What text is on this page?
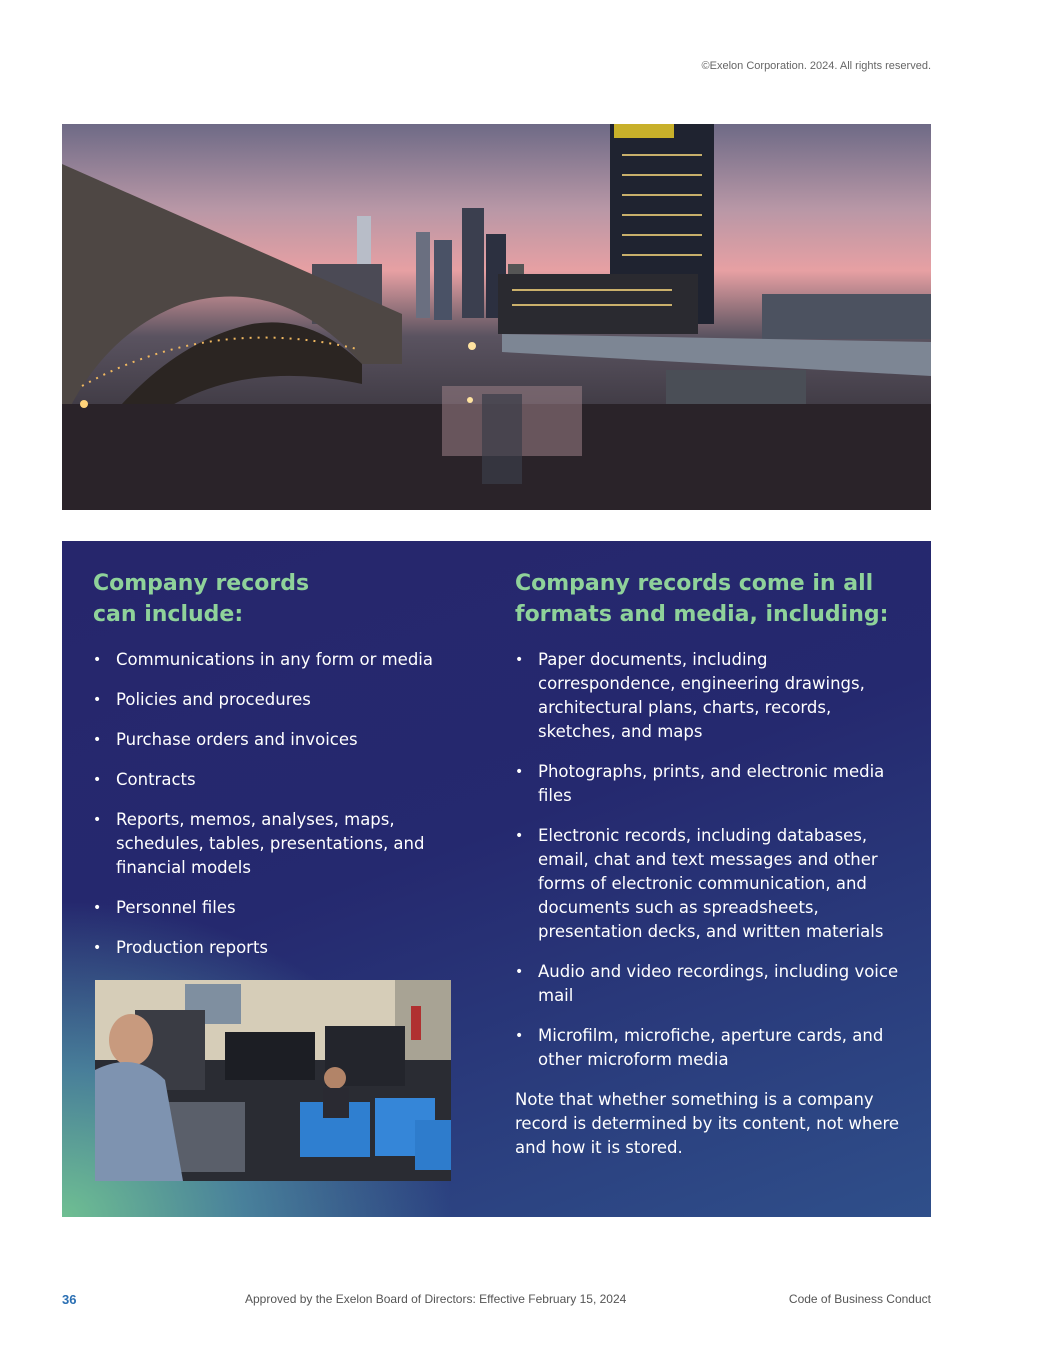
©Exelon Corporation. 2024. All rights reserved.
Company records
can include:
• Communications in any form or media
• Policies and procedures
• Purchase orders and invoices
• Contracts
• Reports, memos, analyses, maps, schedules, tables, presentations, and financial models
• Personnel files
• Production reports
Company records come in all
formats and media, including:
• Paper documents, including correspondence, engineering drawings, architectural plans, charts, records, sketches, and maps
• Photographs, prints, and electronic media files
• Electronic records, including databases, email, chat and text messages and other forms of electronic communication, and documents such as spreadsheets, presentation decks, and written materials
• Audio and video recordings, including voice mail
• Microfilm, microfiche, aperture cards, and other microform media

Note that whether something is a company record is determined by its content, not where and how it is stored.

36	Approved by the Exelon Board of Directors: Effective February 15, 2024	Code of Business Conduct
